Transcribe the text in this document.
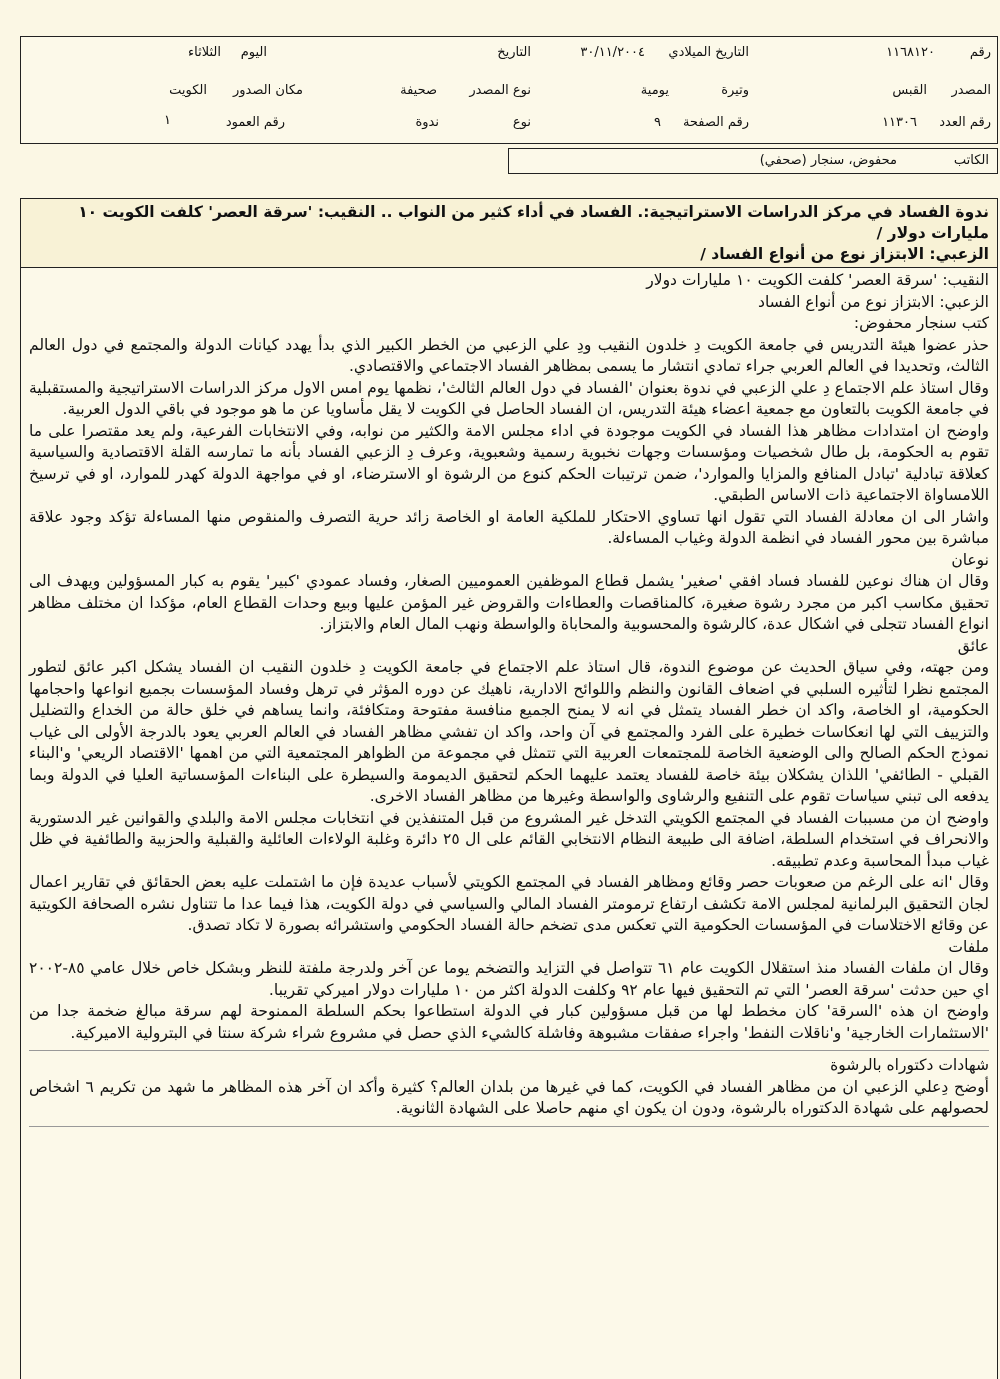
رقم
١١٦٨١٢٠
التاريخ الميلادي
٣٠/١١/٢٠٠٤
التاريخ
اليوم
الثلاثاء
المصدر
القبس
وتيرة
يومية
نوع المصدر
صحيفة
مكان الصدور
الكويت
رقم العدد
١١٣٠٦
رقم الصفحة
٩
نوع
ندوة
رقم العمود
١
الكاتب
محفوض، سنجار (صحفي)
ندوة الفساد في مركز الدراسات الاستراتيجية:. الفساد في أداء كثير من النواب .. النقيب: 'سرقة العصر' كلفت الكويت ١٠ مليارات دولار /
الزعبي: الابتزاز نوع من أنواع الفساد /

النقيب: 'سرقة العصر' كلفت الكويت ١٠ مليارات دولار

الزعبي: الابتزاز نوع من أنواع الفساد

كتب سنجار محفوض:

حذر عضوا هيئة التدريس في جامعة الكويت دِ خلدون النقيب ودِ علي الزعبي من الخطر الكبير الذي بدأ يهدد كيانات الدولة والمجتمع في دول العالم الثالث، وتحديدا في العالم العربي جراء تمادي انتشار ما يسمى بمظاهر الفساد الاجتماعي والاقتصادي.

وقال استاذ علم الاجتماع دِ علي الزعبي في ندوة بعنوان 'الفساد في دول العالم الثالث'، نظمها يوم امس الاول مركز الدراسات الاستراتيجية والمستقبلية في جامعة الكويت بالتعاون مع جمعية اعضاء هيئة التدريس، ان الفساد الحاصل في الكويت لا يقل مأساويا عن ما هو موجود في باقي الدول العربية.

واوضح ان امتدادات مظاهر هذا الفساد في الكويت موجودة في اداء مجلس الامة والكثير من نوابه، وفي الانتخابات الفرعية، ولم يعد مقتصرا على ما تقوم به الحكومة، بل طال شخصيات ومؤسسات وجهات نخبوية رسمية وشعبوية، وعرف دِ الزعبي الفساد بأنه ما تمارسه القلة الاقتصادية والسياسية كعلاقة تبادلية 'تبادل المنافع والمزايا والموارد'، ضمن ترتيبات الحكم كنوع من الرشوة او الاسترضاء، او في مواجهة الدولة كهدر للموارد، او في ترسيخ اللامساواة الاجتماعية ذات الاساس الطبقي.

واشار الى ان معادلة الفساد التي تقول انها تساوي الاحتكار للملكية العامة او الخاصة زائد حرية التصرف والمنقوص منها المساءلة تؤكد وجود علاقة مباشرة بين محور الفساد في انظمة الدولة وغياب المساءلة.

نوعان

وقال ان هناك نوعين للفساد فساد افقي 'صغير' يشمل قطاع الموظفين العموميين الصغار، وفساد عمودي 'كبير' يقوم به كبار المسؤولين ويهدف الى تحقيق مكاسب اكبر من مجرد رشوة صغيرة، كالمناقصات والعطاءات والقروض غير المؤمن عليها وبيع وحدات القطاع العام، مؤكدا ان مختلف مظاهر انواع الفساد تتجلى في اشكال عدة، كالرشوة والمحسوبية والمحاباة والواسطة ونهب المال العام والابتزاز.

عائق

ومن جهته، وفي سياق الحديث عن موضوع الندوة، قال استاذ علم الاجتماع في جامعة الكويت دِ خلدون النقيب ان الفساد يشكل اكبر عائق لتطور المجتمع نظرا لتأثيره السلبي في اضعاف القانون والنظم واللوائح الادارية، ناهيك عن دوره المؤثر في ترهل وفساد المؤسسات بجميع انواعها واحجامها الحكومية، او الخاصة، واكد ان خطر الفساد يتمثل في انه لا يمنح الجميع منافسة مفتوحة ومتكافئة، وانما يساهم في خلق حالة من الخداع والتضليل والتزييف التي لها انعكاسات خطيرة على الفرد والمجتمع في آن واحد، واكد ان تفشي مظاهر الفساد في العالم العربي يعود بالدرجة الأولى الى غياب نموذج الحكم الصالح والى الوضعية الخاصة للمجتمعات العربية التي تتمثل في مجموعة من الظواهر المجتمعية التي من اهمها 'الاقتصاد الريعي' و'البناء القبلي - الطائفي' اللذان يشكلان بيئة خاصة للفساد يعتمد عليهما الحكم لتحقيق الديمومة والسيطرة على البناءات المؤسساتية العليا في الدولة وبما يدفعه الى تبني سياسات تقوم على التنفيع والرشاوى والواسطة وغيرها من مظاهر الفساد الاخرى.

واوضح ان من مسببات الفساد في المجتمع الكويتي التدخل غير المشروع من قبل المتنفذين في انتخابات مجلس الامة والبلدي والقوانين غير الدستورية والانحراف في استخدام السلطة، اضافة الى طبيعة النظام الانتخابي القائم على ال ٢٥ دائرة وغلبة الولاءات العائلية والقبلية والحزبية والطائفية في ظل غياب مبدأ المحاسبة وعدم تطبيقه.

وقال 'انه على الرغم من صعوبات حصر وقائع ومظاهر الفساد في المجتمع الكويتي لأسباب عديدة فإن ما اشتملت عليه بعض الحقائق في تقارير اعمال لجان التحقيق البرلمانية لمجلس الامة تكشف ارتفاع ترمومتر الفساد المالي والسياسي في دولة الكويت، هذا فيما عدا ما تتناول نشره الصحافة الكويتية عن وقائع الاختلاسات في المؤسسات الحكومية التي تعكس مدى تضخم حالة الفساد الحكومي واستشرائه بصورة لا تكاد تصدق.

ملفات

وقال ان ملفات الفساد منذ استقلال الكويت عام ٦١ تتواصل في التزايد والتضخم يوما عن آخر ولدرجة ملفتة للنظر وبشكل خاص خلال عامي ٨٥-٢٠٠٢ اي حين حدثت 'سرقة العصر' التي تم التحقيق فيها عام ٩٢ وكلفت الدولة اكثر من ١٠ مليارات دولار اميركي تقريبا.

واوضح ان هذه 'السرقة' كان مخطط لها من قبل مسؤولين كبار في الدولة استطاعوا بحكم السلطة الممنوحة لهم سرقة مبالغ ضخمة جدا من 'الاستثمارات الخارجية' و'ناقلات النفط' واجراء صفقات مشبوهة وفاشلة كالشيء الذي حصل في مشروع شراء شركة سنتا في البترولية الاميركية.

شهادات دكتوراه بالرشوة

أوضح دِعلي الزعبي ان من مظاهر الفساد في الكويت، كما في غيرها من بلدان العالم؟ كثيرة وأكد ان آخر هذه المظاهر ما شهد من تكريم ٦ اشخاص لحصولهم على شهادة الدكتوراه بالرشوة، ودون ان يكون اي منهم حاصلا على الشهادة الثانوية.
